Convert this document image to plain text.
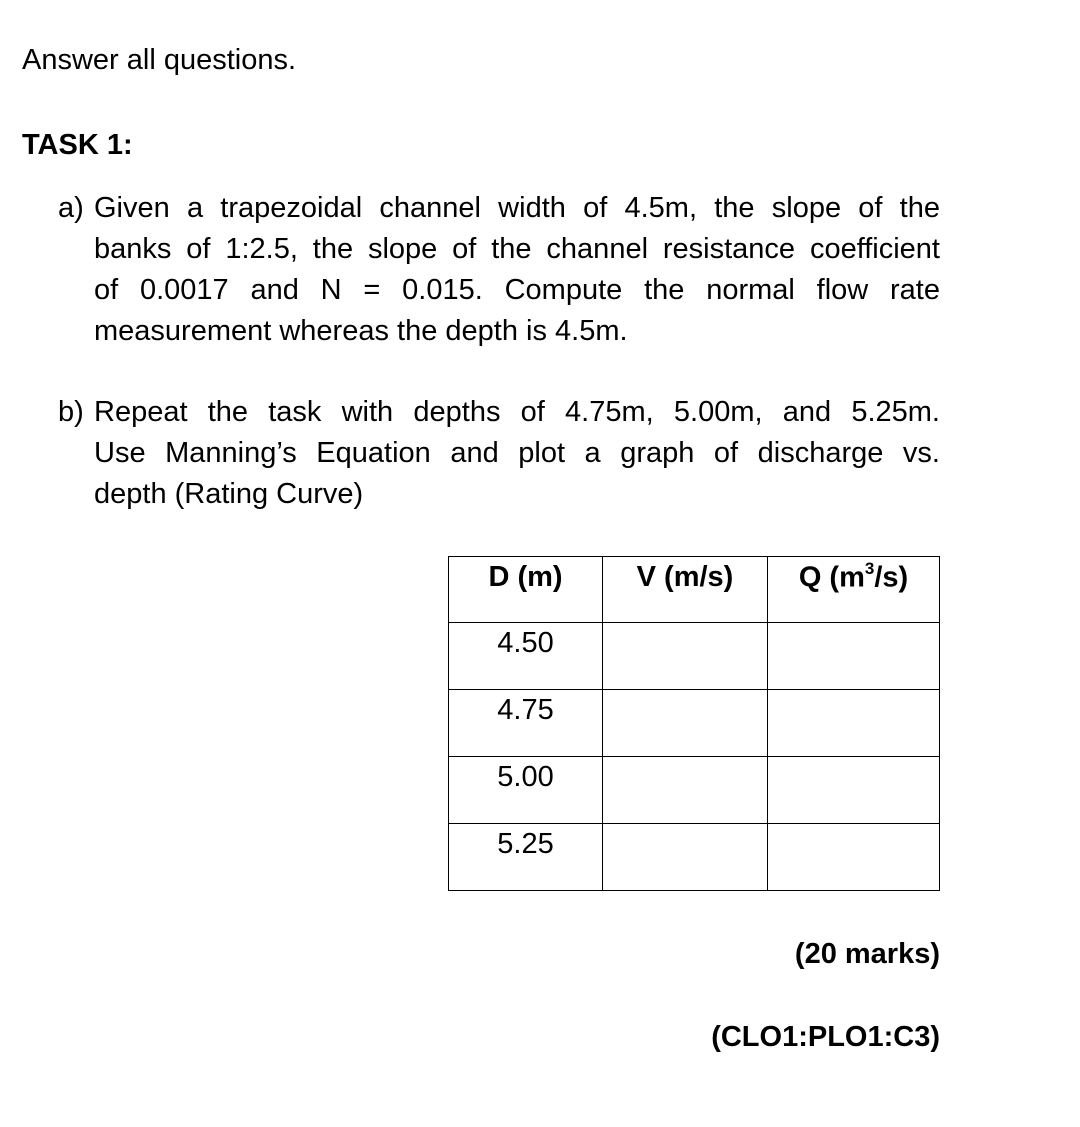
Answer all questions.

TASK 1:

a) Given a trapezoidal channel width of 4.5m, the slope of the
banks of 1:2.5, the slope of the channel resistance coefficient
of 0.0017 and N = 0.015. Compute the normal flow rate
measurement whereas the depth is 4.5m.
b) Repeat the task with depths of 4.75m, 5.00m, and 5.25m.
Use Manning’s Equation and plot a graph of discharge vs.
depth (Rating Curve)
D (m)	V (m/s)	Q $(m^3/s)$
4.50		
4.75		
5.00		
5.25		

(20 marks)

(CLO1:PLO1:C3)
